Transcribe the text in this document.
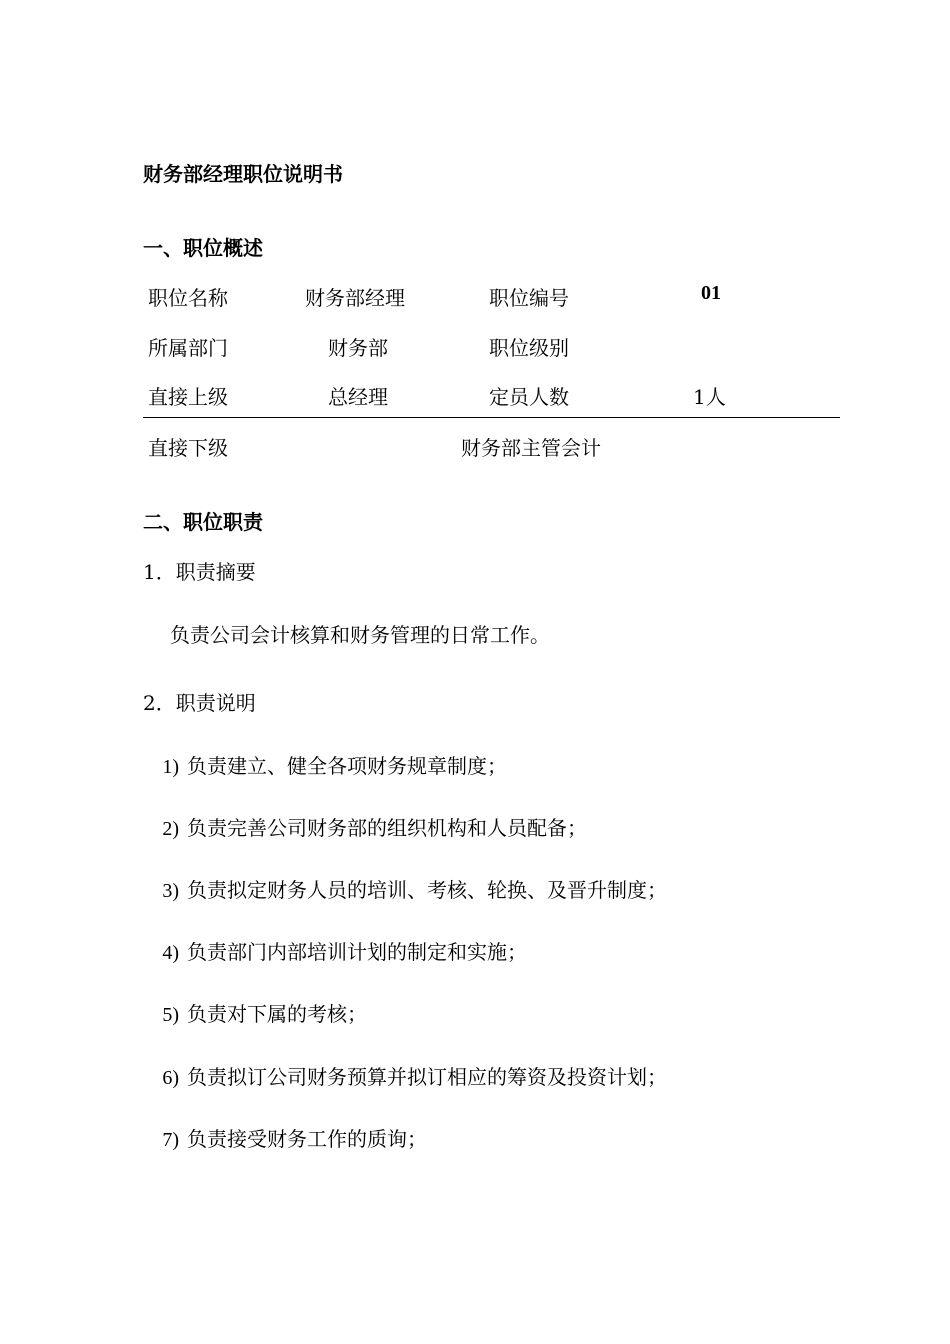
财务部经理职位说明书
一、职位概述
职位名称	财务部经理	职位编号	01
所属部门	财务部	职位级别
直接上级	总经理	定员人数	1人
直接下级	财务部主管会计
二、职位职责
1．职责摘要
负责公司会计核算和财务管理的日常工作。
2．职责说明
1) 负责建立、健全各项财务规章制度；
2) 负责完善公司财务部的组织机构和人员配备；
3) 负责拟定财务人员的培训、考核、轮换、及晋升制度；
4) 负责部门内部培训计划的制定和实施；
5) 负责对下属的考核；
6) 负责拟订公司财务预算并拟订相应的筹资及投资计划；
7) 负责接受财务工作的质询；
